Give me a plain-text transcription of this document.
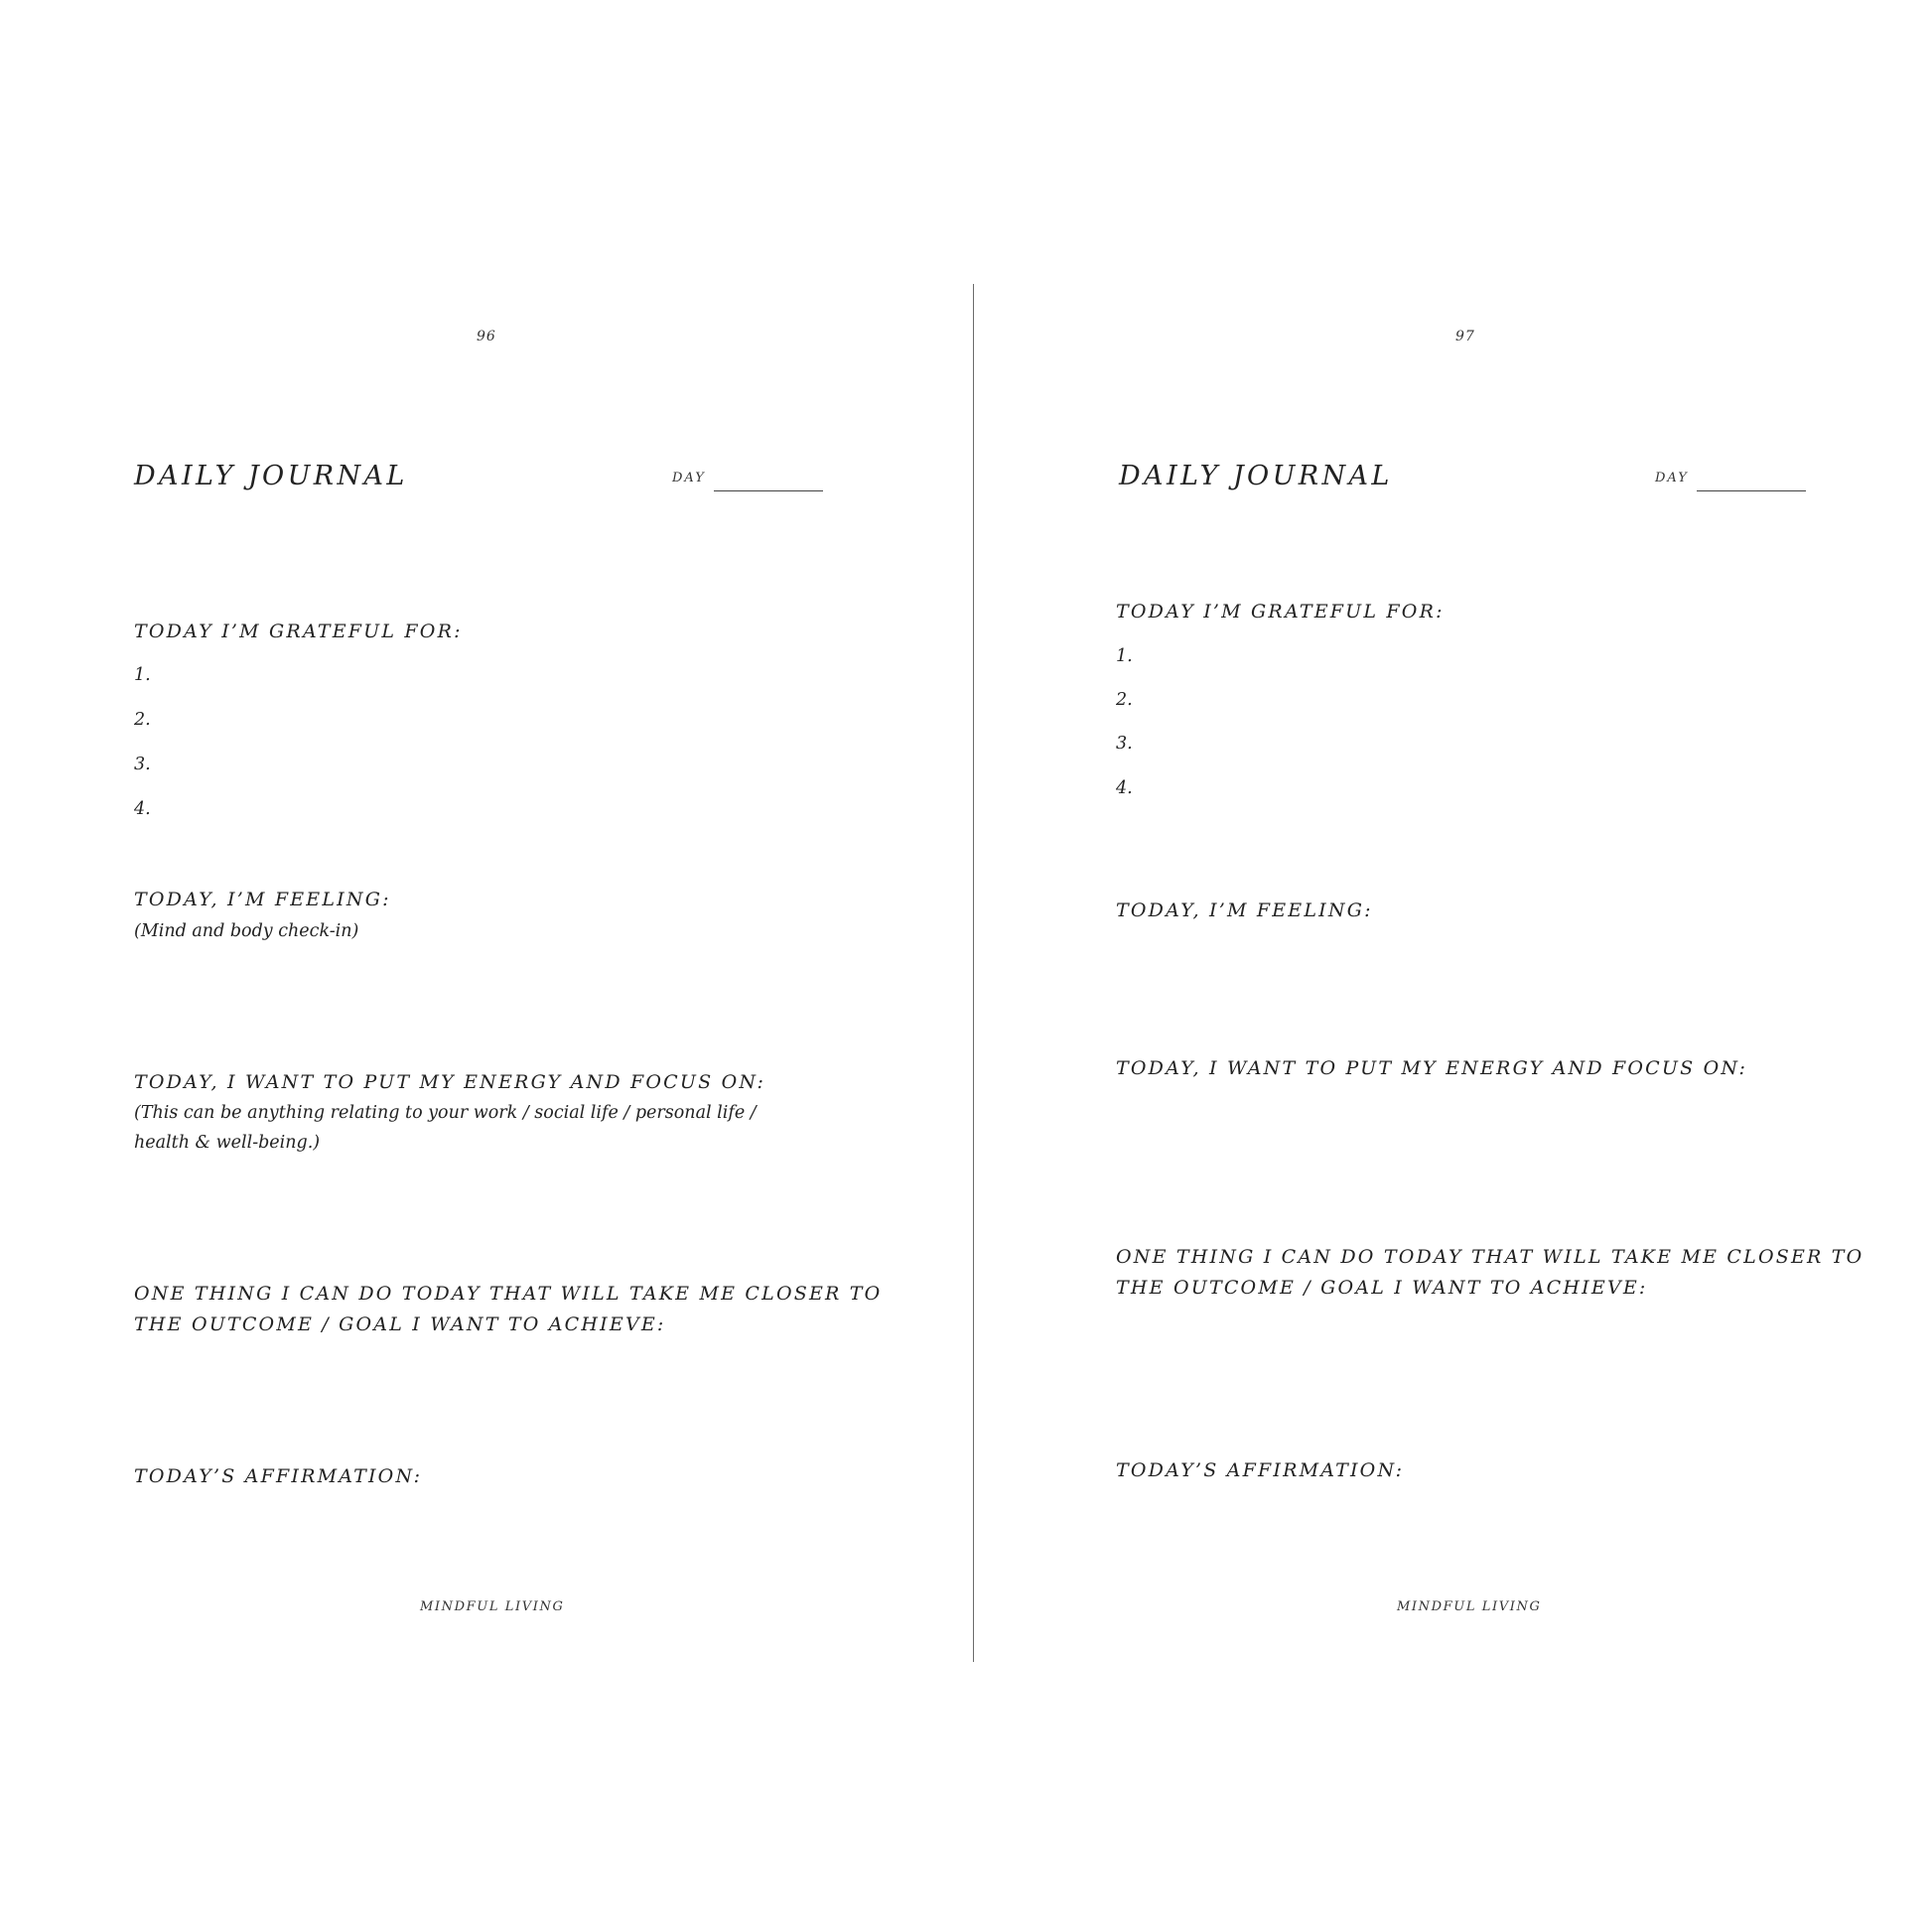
96
DAILY JOURNAL	DAY
TODAY I’M GRATEFUL FOR:
1.
2.
3.
4.
TODAY, I’M FEELING:
(Mind and body check-in)
TODAY, I WANT TO PUT MY ENERGY AND FOCUS ON:
(This can be anything relating to your work / social life / personal life / health & well-being.)
ONE THING I CAN DO TODAY THAT WILL TAKE ME CLOSER TO
THE OUTCOME / GOAL I WANT TO ACHIEVE:
TODAY’S AFFIRMATION:
MINDFUL LIVING
97
DAILY JOURNAL	DAY
TODAY I’M GRATEFUL FOR:
1.
2.
3.
4.
TODAY, I’M FEELING:
TODAY, I WANT TO PUT MY ENERGY AND FOCUS ON:
ONE THING I CAN DO TODAY THAT WILL TAKE ME CLOSER TO
THE OUTCOME / GOAL I WANT TO ACHIEVE:
TODAY’S AFFIRMATION:
MINDFUL LIVING
